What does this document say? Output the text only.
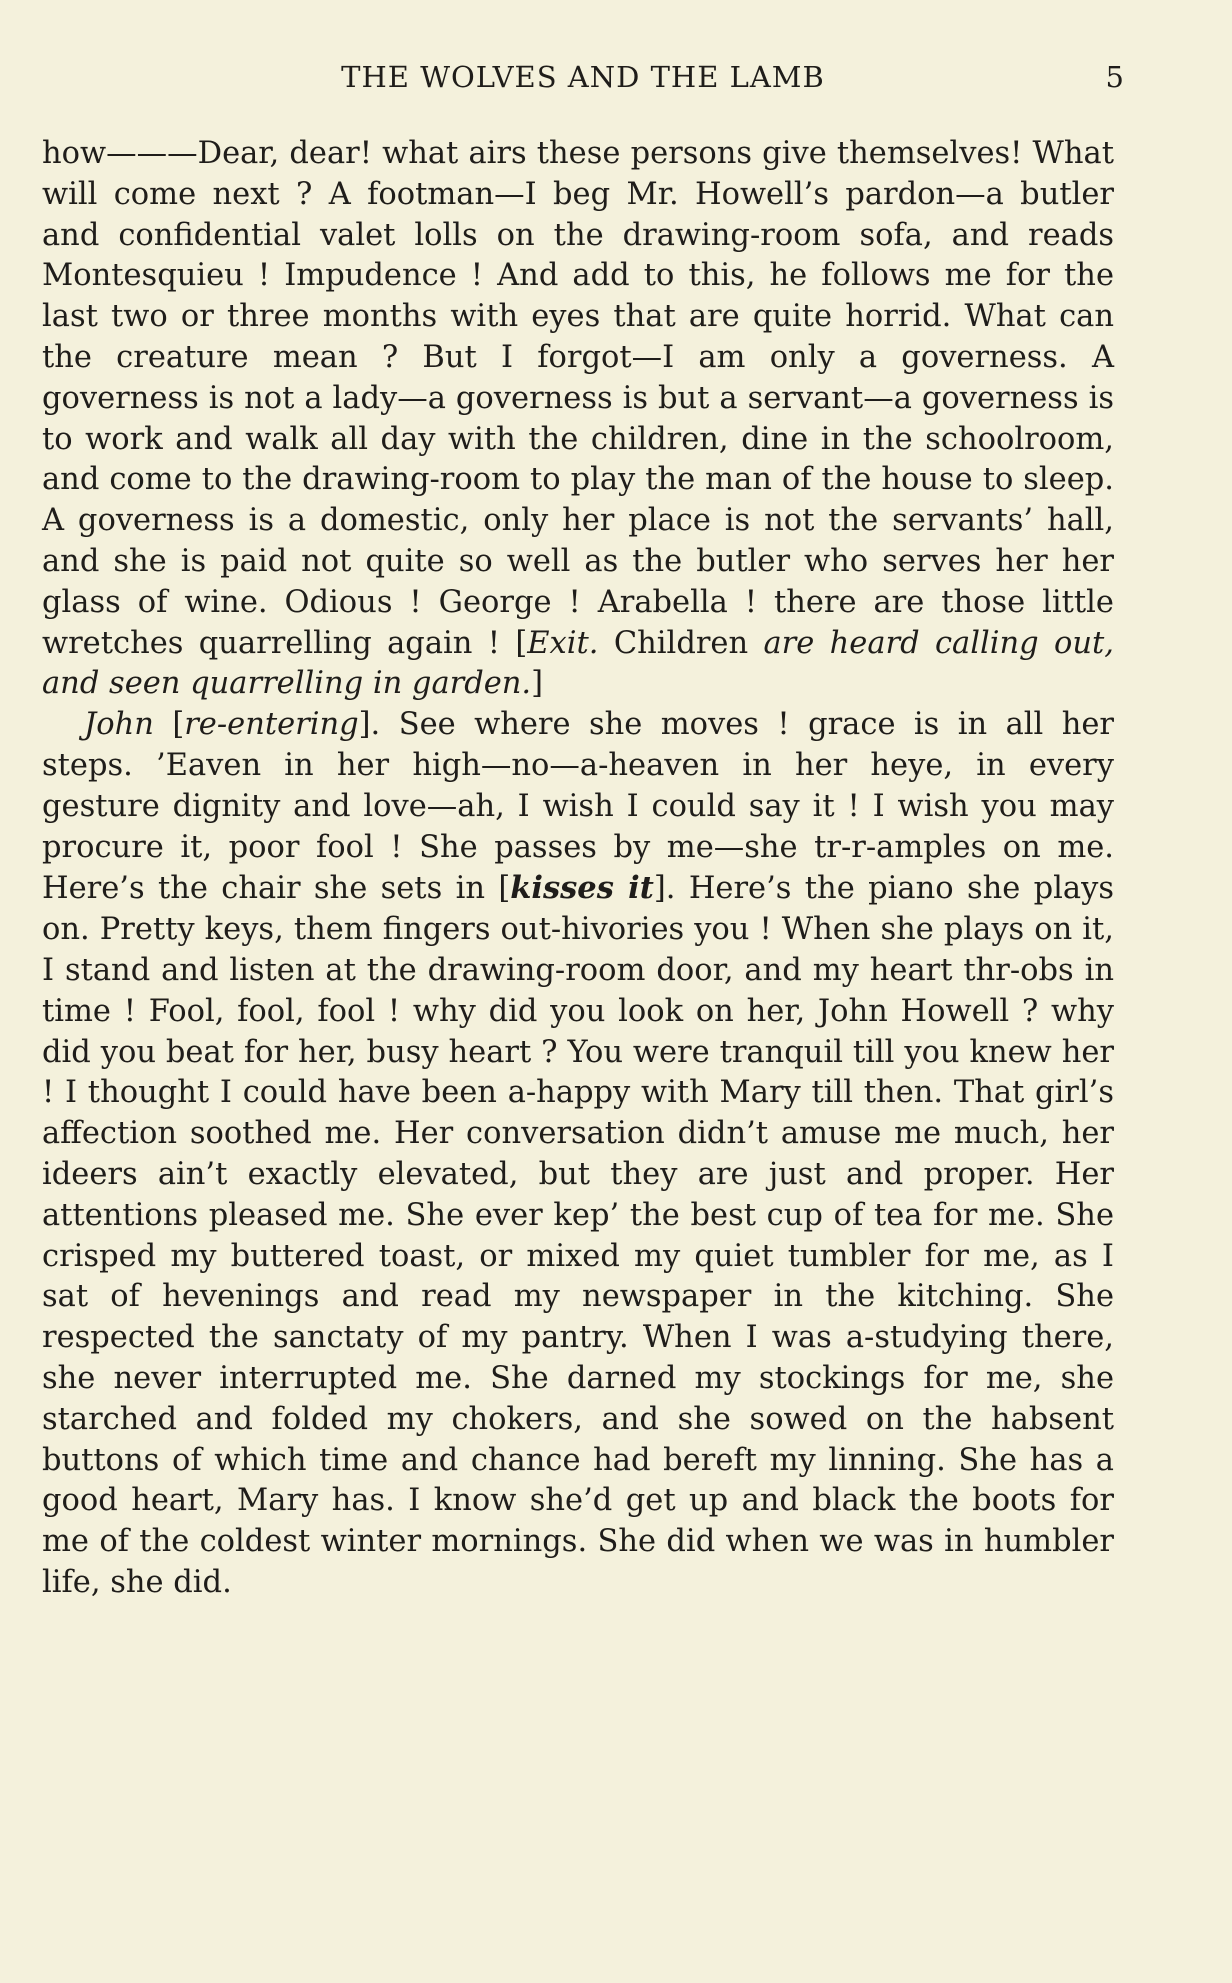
THE WOLVES AND THE LAMB	5

how———Dear, dear! what airs these persons give themselves! What will come next ? A footman—I beg Mr. Howell’s pardon—a butler and confidential valet lolls on the drawing-room sofa, and reads Montesquieu ! Impudence ! And add to this, he follows me for the last two or three months with eyes that are quite horrid. What can the creature mean ? But I forgot—I am only a governess. A governess is not a lady—a governess is but a servant—a governess is to work and walk all day with the children, dine in the schoolroom, and come to the drawing-room to play the man of the house to sleep. A governess is a domestic, only her place is not the servants’ hall, and she is paid not quite so well as the butler who serves her her glass of wine. Odious ! George ! Arabella ! there are those little wretches quarrelling again ! [Exit. Children are heard calling out, and seen quarrelling in garden.]

John [re-entering]. See where she moves ! grace is in all her steps. ’Eaven in her high—no—a-heaven in her heye, in every gesture dignity and love—ah, I wish I could say it ! I wish you may procure it, poor fool ! She passes by me—she tr-r-amples on me. Here’s the chair she sets in [kisses it]. Here’s the piano she plays on. Pretty keys, them fingers out-hivories you ! When she plays on it, I stand and listen at the drawing-room door, and my heart thr-obs in time ! Fool, fool, fool ! why did you look on her, John Howell ? why did you beat for her, busy heart ? You were tranquil till you knew her ! I thought I could have been a-happy with Mary till then. That girl’s affection soothed me. Her conversation didn’t amuse me much, her ideers ain’t exactly elevated, but they are just and proper. Her attentions pleased me. She ever kep’ the best cup of tea for me. She crisped my buttered toast, or mixed my quiet tumbler for me, as I sat of hevenings and read my newspaper in the kitching. She respected the sanctaty of my pantry. When I was a-studying there, she never interrupted me. She darned my stockings for me, she starched and folded my chokers, and she sowed on the habsent buttons of which time and chance had bereft my linning. She has a good heart, Mary has. I know she’d get up and black the boots for me of the coldest winter mornings. She did when we was in humbler life, she did.
